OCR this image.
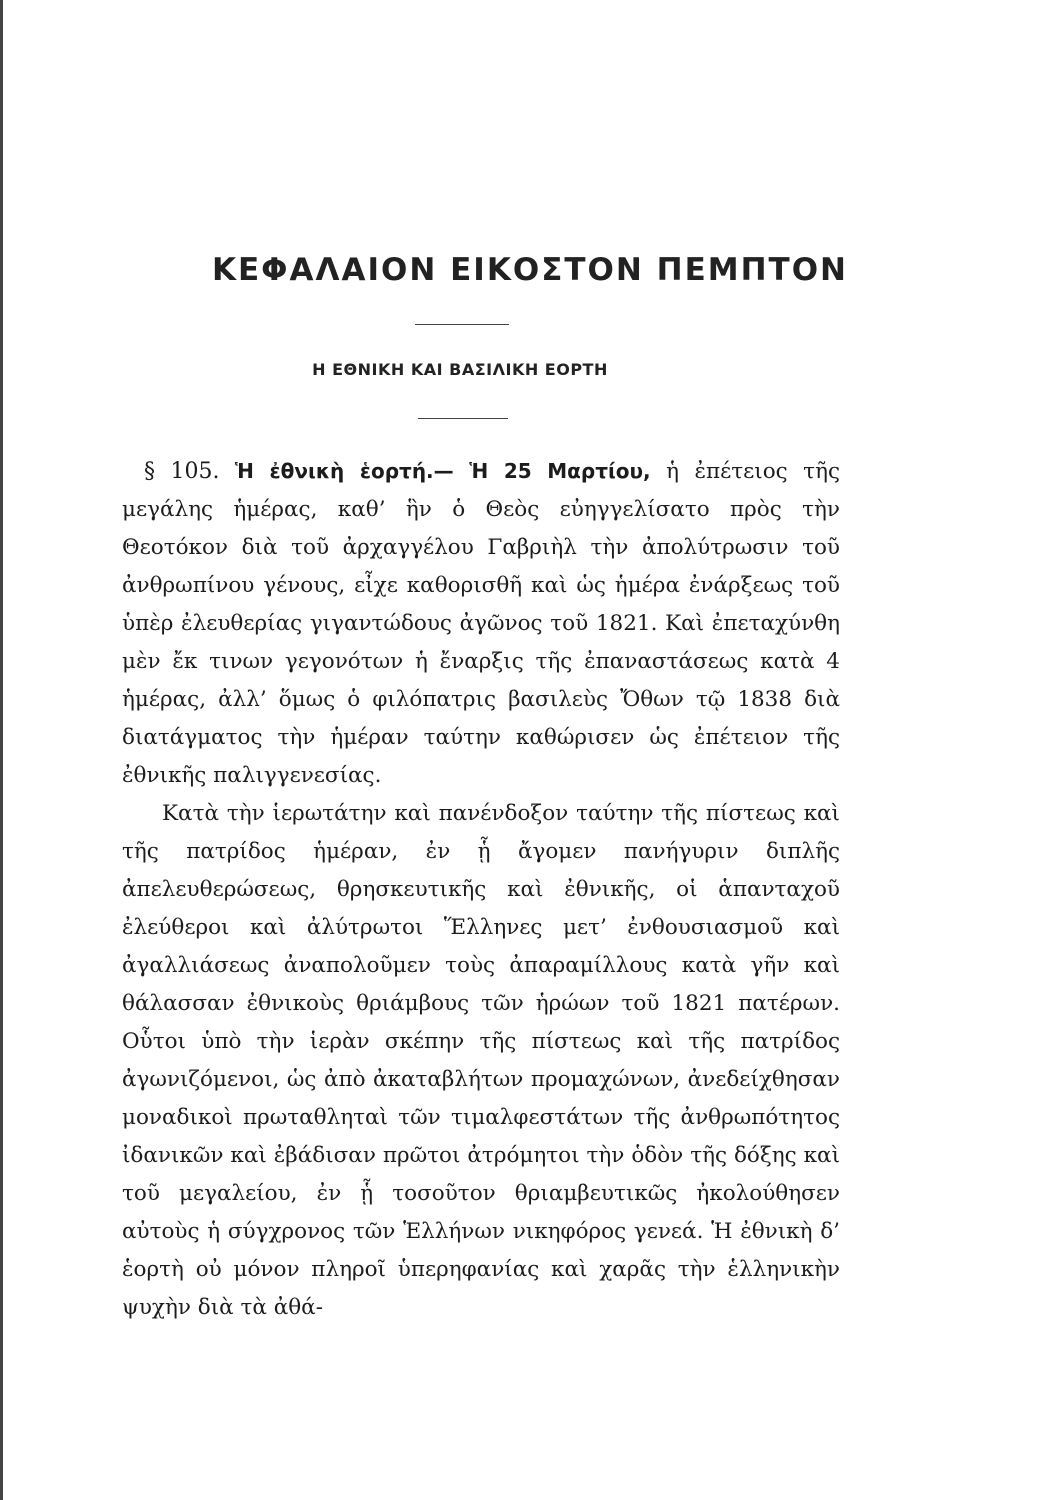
ΚΕΦΑΛΑΙΟΝ ΕΙΚΟΣΤΟΝ ΠΕΜΠΤΟΝ
Η ΕΘΝΙΚΗ ΚΑΙ ΒΑΣΙΛΙΚΗ ΕΟΡΤΗ

§ 105. Ἡ ἐθνικὴ ἑορτή.— Ἡ 25 Μαρτίου, ἡ ἐπέτειος τῆς μεγάλης ἡμέρας, καθ’ ἣν ὁ Θεὸς εὐηγγελίσατο πρὸς τὴν Θεοτόκον διὰ τοῦ ἀρχαγγέλου Γαβριὴλ τὴν ἀπολύτρωσιν τοῦ ἀνθρωπίνου γένους, εἶχε καθορισθῆ καὶ ὡς ἡμέρα ἐνάρξεως τοῦ ὑπὲρ ἐλευθερίας γιγαντώδους ἀγῶνος τοῦ 1821. Καὶ ἐπεταχύνθη μὲν ἔκ τινων γεγονότων ἡ ἔναρξις τῆς ἐπαναστάσεως κατὰ 4 ἡμέρας, ἀλλ’ ὅμως ὁ φιλόπατρις βασιλεὺς Ὄθων τῷ 1838 διὰ διατάγματος τὴν ἡμέραν ταύτην καθώρισεν ὡς ἐπέτειον τῆς ἐθνικῆς παλιγγενεσίας.

Κατὰ τὴν ἱερωτάτην καὶ πανένδοξον ταύτην τῆς πίστεως καὶ τῆς πατρίδος ἡμέραν, ἐν ᾗ ἄγομεν πανήγυριν διπλῆς ἀπελευθερώσεως, θρησκευτικῆς καὶ ἐθνικῆς, οἱ ἁπανταχοῦ ἐλεύθεροι καὶ ἀλύτρωτοι Ἕλληνες μετ’ ἐνθουσιασμοῦ καὶ ἀγαλλιάσεως ἀναπολοῦμεν τοὺς ἀπαραμίλλους κατὰ γῆν καὶ θάλασσαν ἐθνικοὺς θριάμβους τῶν ἡρώων τοῦ 1821 πατέρων. Οὗτοι ὑπὸ τὴν ἱερὰν σκέπην τῆς πίστεως καὶ τῆς πατρίδος ἀγωνιζόμενοι, ὡς ἀπὸ ἀκαταβλήτων προμαχώνων, ἀνεδείχθησαν μοναδικοὶ πρωταθληταὶ τῶν τιμαλφεστάτων τῆς ἀνθρωπότητος ἰδανικῶν καὶ ἐβάδισαν πρῶτοι ἀτρόμητοι τὴν ὁδὸν τῆς δόξης καὶ τοῦ μεγαλείου, ἐν ᾗ τοσοῦτον θριαμβευτικῶς ἠκολούθησεν αὐτοὺς ἡ σύγχρονος τῶν Ἑλλήνων νικηφόρος γενεά. Ἡ ἐθνικὴ δ’ ἑορτὴ οὐ μόνον πληροῖ ὑπερηφανίας καὶ χαρᾶς τὴν ἑλληνικὴν ψυχὴν διὰ τὰ ἀθά-
